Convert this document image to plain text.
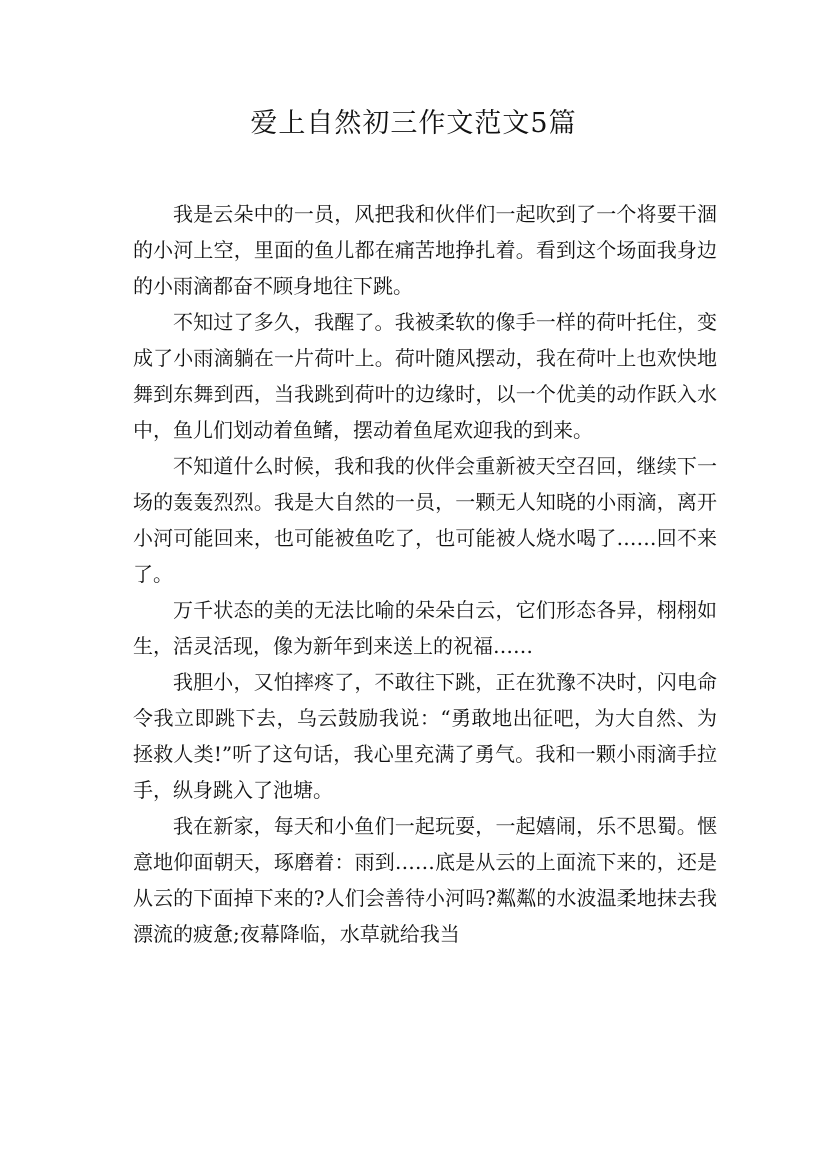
爱上自然初三作文范文5篇

我是云朵中的一员，风把我和伙伴们一起吹到了一个将要干涸的小河上空，里面的鱼儿都在痛苦地挣扎着。看到这个场面我身边的小雨滴都奋不顾身地往下跳。

不知过了多久，我醒了。我被柔软的像手一样的荷叶托住，变成了小雨滴躺在一片荷叶上。荷叶随风摆动，我在荷叶上也欢快地舞到东舞到西，当我跳到荷叶的边缘时，以一个优美的动作跃入水中，鱼儿们划动着鱼鳍，摆动着鱼尾欢迎我的到来。

不知道什么时候，我和我的伙伴会重新被天空召回，继续下一场的轰轰烈烈。我是大自然的一员，一颗无人知晓的小雨滴，离开小河可能回来，也可能被鱼吃了，也可能被人烧水喝了……回不来了。

万千状态的美的无法比喻的朵朵白云，它们形态各异，栩栩如生，活灵活现，像为新年到来送上的祝福……

我胆小，又怕摔疼了，不敢往下跳，正在犹豫不决时，闪电命令我立即跳下去，乌云鼓励我说：“勇敢地出征吧，为大自然、为拯救人类!”听了这句话，我心里充满了勇气。我和一颗小雨滴手拉手，纵身跳入了池塘。

我在新家，每天和小鱼们一起玩耍，一起嬉闹，乐不思蜀。惬意地仰面朝天，琢磨着：雨到……底是从云的上面流下来的，还是从云的下面掉下来的?人们会善待小河吗?粼粼的水波温柔地抹去我漂流的疲惫;夜幕降临，水草就给我当
